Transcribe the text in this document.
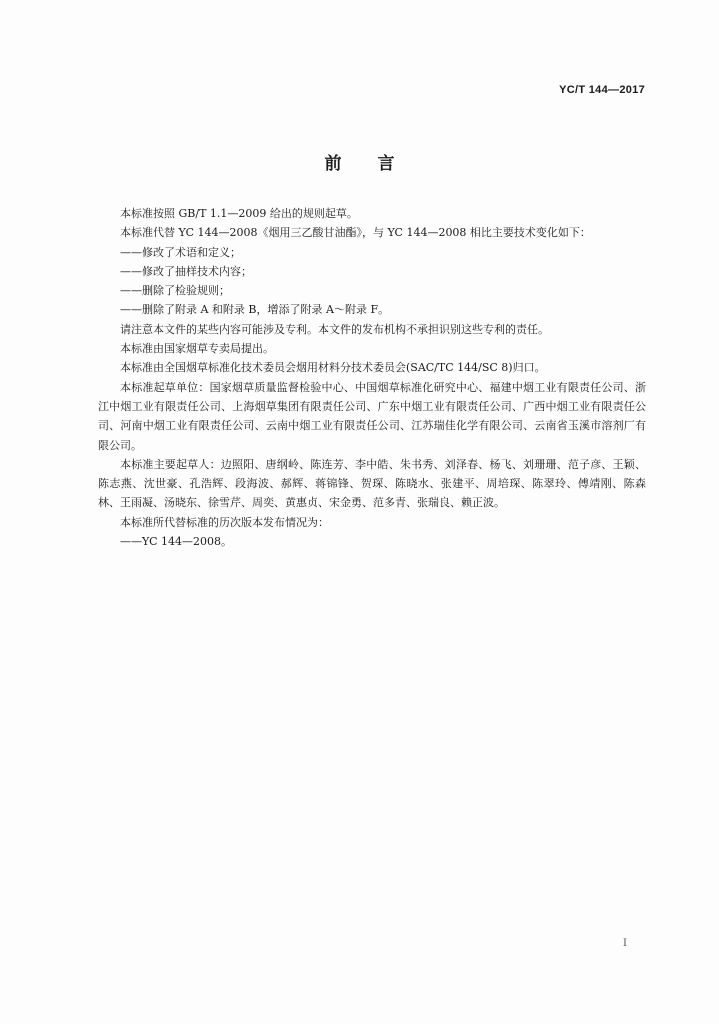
YC/T 144—2017
前言

本标准按照 GB/T 1.1—2009 给出的规则起草。

本标准代替 YC 144—2008《烟用三乙酸甘油酯》，与 YC 144—2008 相比主要技术变化如下：

——修改了术语和定义；

——修改了抽样技术内容；

——删除了检验规则；

——删除了附录 A 和附录 B，增添了附录 A～附录 F。

请注意本文件的某些内容可能涉及专利。本文件的发布机构不承担识别这些专利的责任。

本标准由国家烟草专卖局提出。

本标准由全国烟草标准化技术委员会烟用材料分技术委员会(SAC/TC 144/SC 8)归口。

本标准起草单位：国家烟草质量监督检验中心、中国烟草标准化研究中心、福建中烟工业有限责任公司、浙江中烟工业有限责任公司、上海烟草集团有限责任公司、广东中烟工业有限责任公司、广西中烟工业有限责任公司、河南中烟工业有限责任公司、云南中烟工业有限责任公司、江苏瑞佳化学有限公司、云南省玉溪市溶剂厂有限公司。

本标准主要起草人：边照阳、唐纲岭、陈连芳、李中皓、朱书秀、刘泽春、杨飞、刘珊珊、范子彦、王颖、陈志燕、沈世豪、孔浩辉、段海波、郝辉、蒋锦锋、贺琛、陈晓水、张建平、周培琛、陈翠玲、傅靖刚、陈森林、王雨凝、汤晓东、徐雪芹、周奕、黄惠贞、宋金勇、范多青、张瑞良、赖正波。

本标准所代替标准的历次版本发布情况为：

——YC 144—2008。

I
